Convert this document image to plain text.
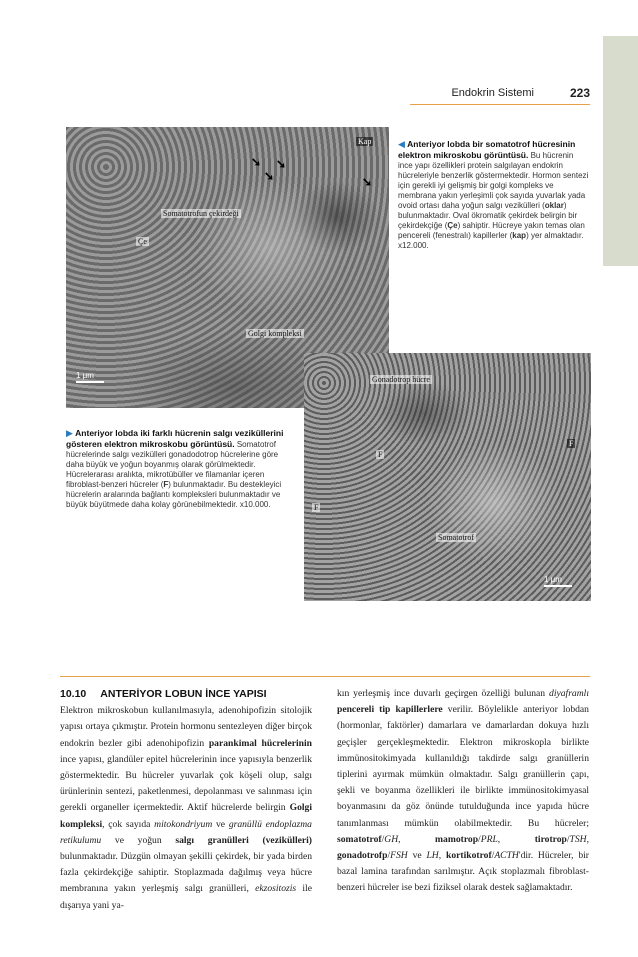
Endokrin Sistemi	223
Kap
➘
➘
➘
➘
Somatotrofun çekirdeği
Çe
Golgi kompleksi
1 μm
◀ Anteriyor lobda bir somatotrof hücresinin elektron mikroskobu görüntüsü. Bu hücrenin ince yapı özellikleri protein salgılayan endokrin hücreleriyle benzerlik göstermektedir. Hormon sentezi için gerekli iyi gelişmiş bir golgi kompleks ve membrana yakın yerleşimli çok sayıda yuvarlak yada ovoid ortası daha yoğun salgı vezikülleri (oklar) bulunmaktadır. Oval ökromatik çekirdek belirgin bir çekirdekçiğe (Çe) sahiptir. Hücreye yakın temas olan pencereli (fenestralı) kapillerler (kap) yer almaktadır. x12.000.
Gonadotrop hücre
F
F
F
Somatotrof
1 μm
▶ Anteriyor lobda iki farklı hücrenin salgı veziküllerini gösteren elektron mikroskobu görüntüsü. Somatotrof hücrelerinde salgı vezikülleri gonadodotrop hücrelerine göre daha büyük ve yoğun boyanmış olarak görülmektedir. Hücrelerarası aralıkta, mikrotübüller ve filamanlar içeren fibroblast-benzeri hücreler (F) bulunmaktadır. Bu destekleyici hücrelerin aralarında bağlantı kompleksleri bulunmaktadır ve büyük büyütmede daha kolay görünebilmektedir. x10.000.
10.10 ANTERİYOR LOBUN İNCE YAPISI

Elektron mikroskobun kullanılmasıyla, adenohipofizin sitolojik yapısı ortaya çıkmıştır. Protein hormonu sentezleyen diğer birçok endokrin bezler gibi adenohipofizin parankimal hücrelerinin ince yapısı, glandüler epitel hücrelerinin ince yapısıyla benzerlik göstermektedir. Bu hücreler yuvarlak çok köşeli olup, salgı ürünlerinin sentezi, paketlenmesi, depolanması ve salınması için gerekli organeller içermektedir. Aktif hücrelerde belirgin Golgi kompleksi, çok sayıda mitokondriyum ve granüllü endoplazma retikulumu ve yoğun salgı granülleri (vezikülleri) bulunmaktadır. Düzgün olmayan şekilli çekirdek, bir yada birden fazla çekirdekçiğe sahiptir. Stoplazmada dağılmış veya hücre membranına yakın yerleşmiş salgı granülleri, ekzositozis ile dışarıya yani ya-

kın yerleşmiş ince duvarlı geçirgen özelliği bulunan diyaframlı pencereli tip kapillerlere verilir. Böylelikle anteriyor lobdan (hormonlar, faktörler) damarlara ve damarlardan dokuya hızlı geçişler gerçekleşmektedir. Elektron mikroskopla birlikte immünositokimyada kullanıldığı takdirde salgı granüllerin tiplerini ayırmak mümkün olmaktadır. Salgı granüllerin çapı, şekli ve boyanma özellikleri ile birlikte immünositokimyasal boyanmasını da göz önünde tutulduğunda ince yapıda hücre tanımlanması mümkün olabilmektedir. Bu hücreler; somatotrof/GH, mamotrop/PRL, tirotrop/TSH, gonadotrofp/FSH ve LH, kortikotrof/ACTH'dir. Hücreler, bir bazal lamina tarafından sarılmıştır. Açık stoplazmalı fibroblast-benzeri hücreler ise bezi fiziksel olarak destek sağlamaktadır.
